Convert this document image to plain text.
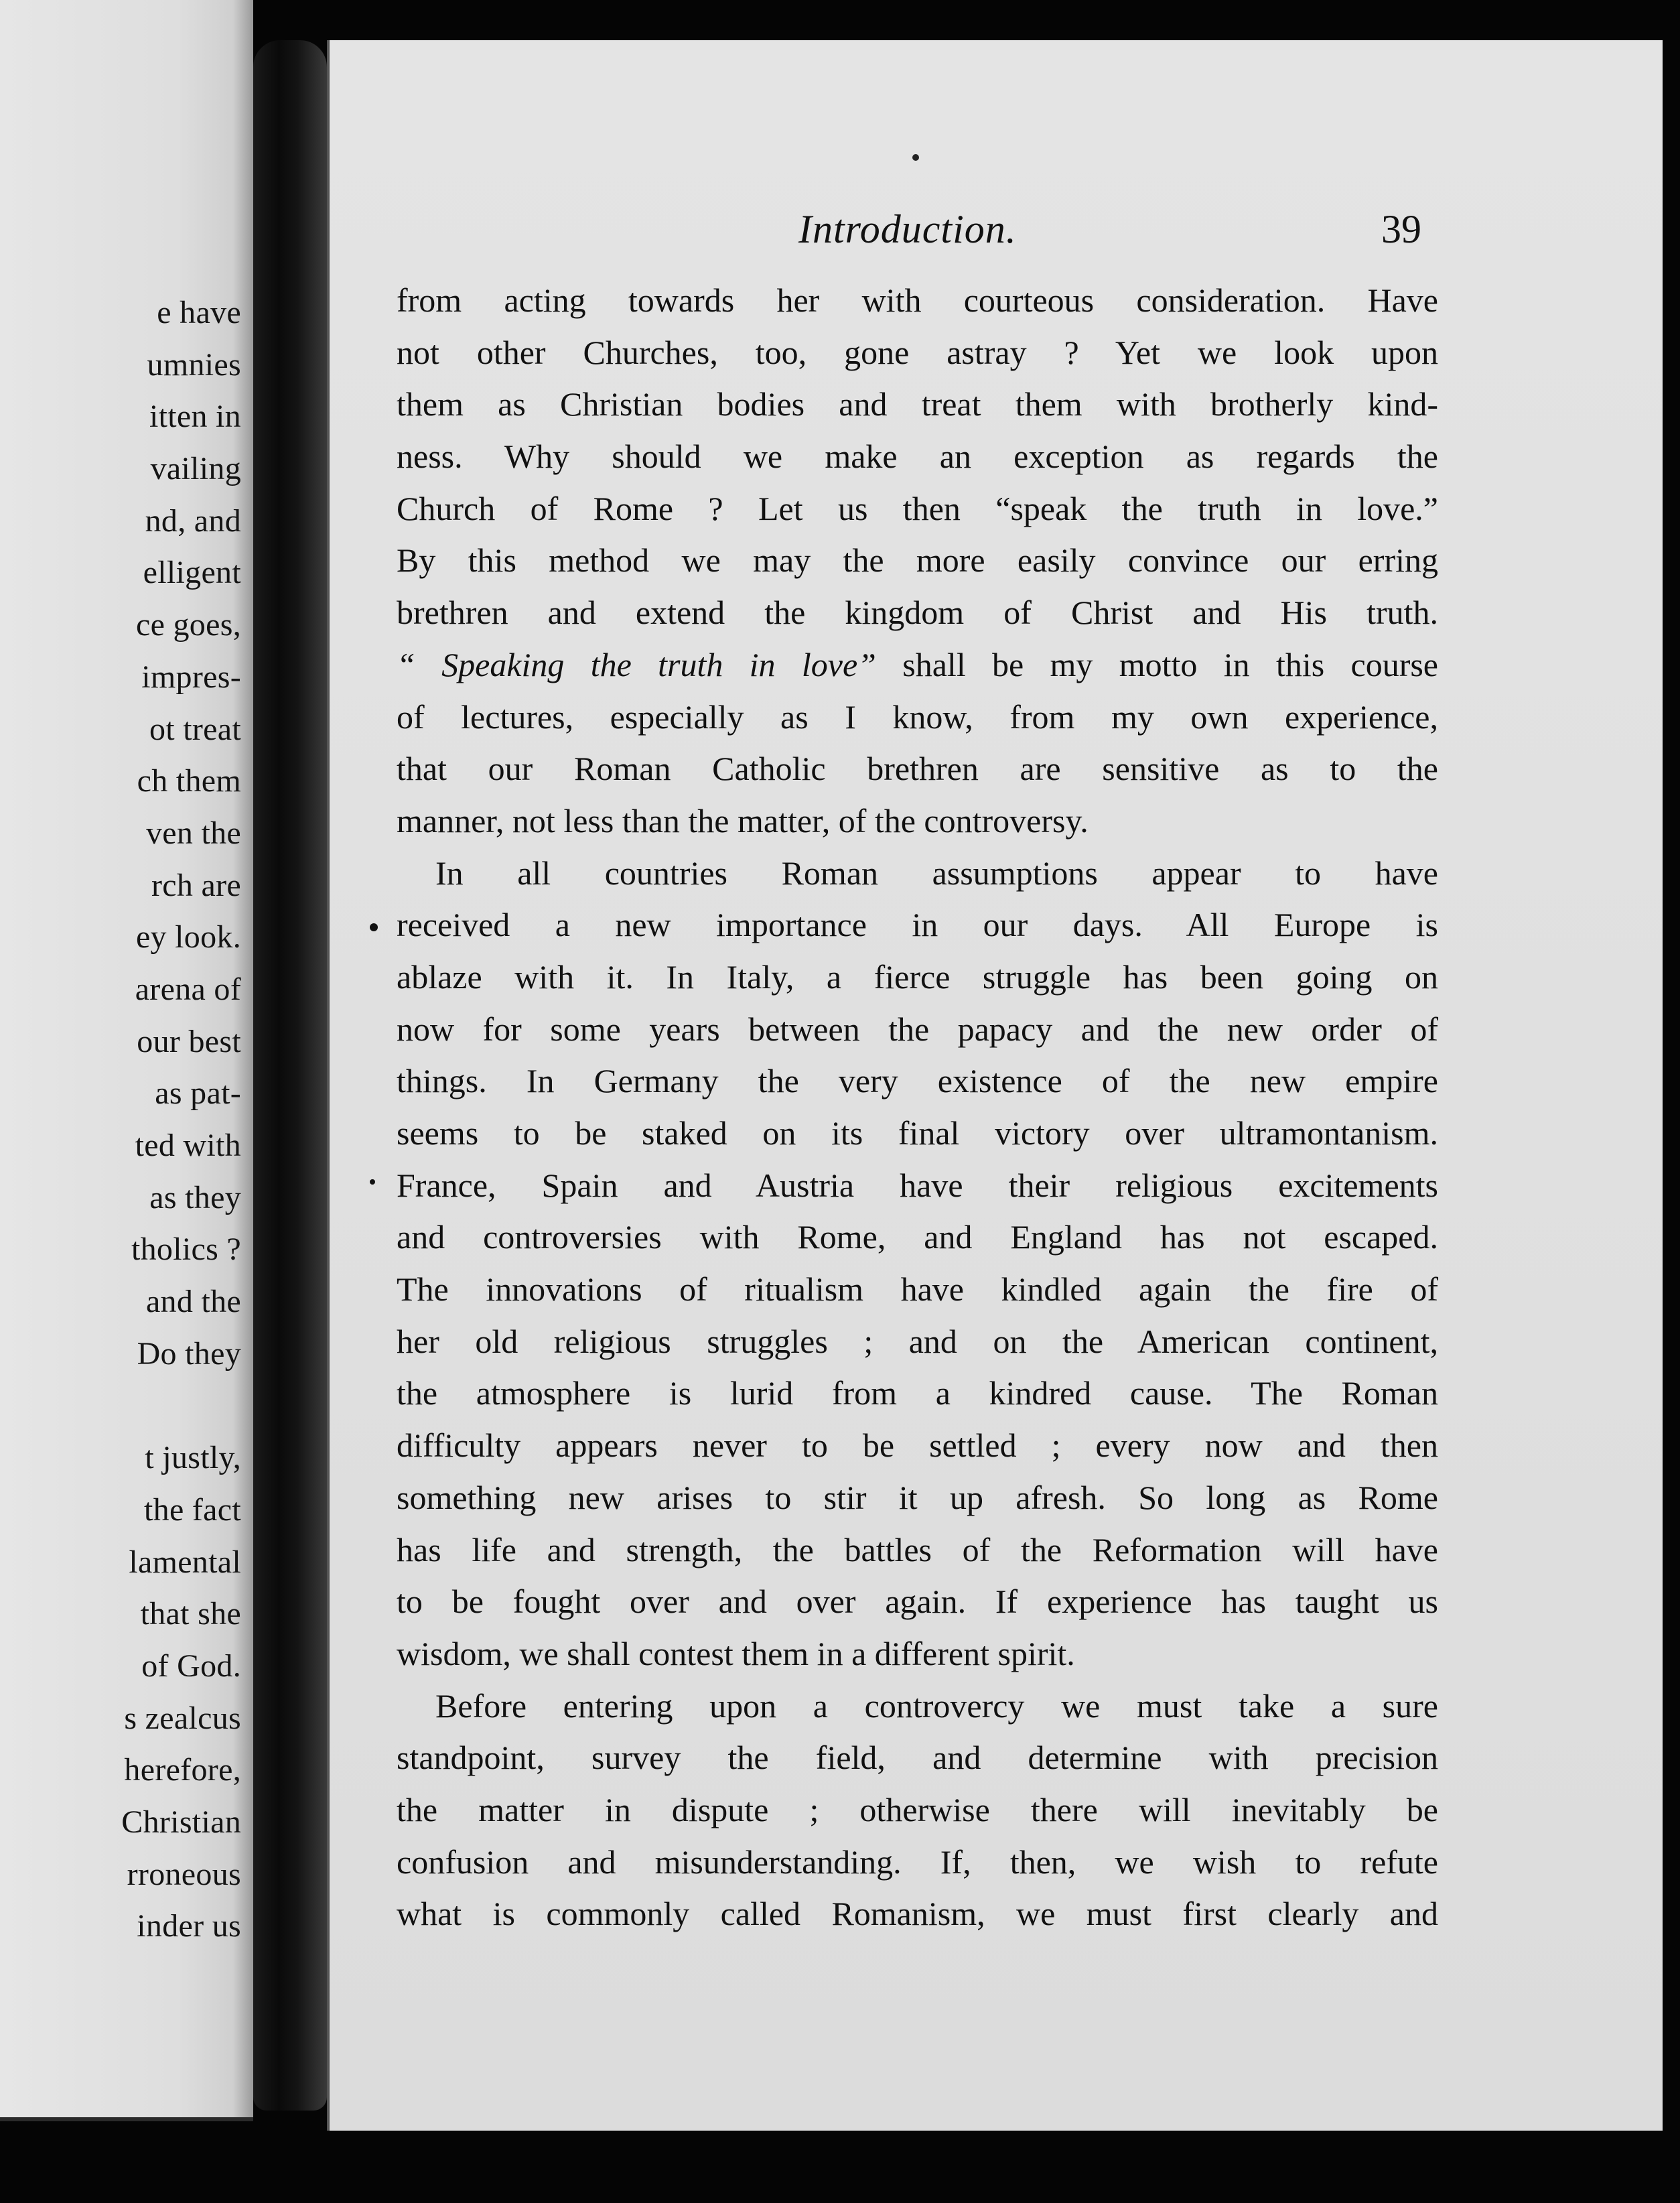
e have
umnies
itten in
vailing
nd, and
elligent
ce goes,
impres-
ot treat
ch them
ven the
rch are
ey look.
arena of
our best
as pat-
ted with
as they
tholics ?
and the
Do they
t justly,
the fact
lamental
that she
of God.
s zealcus
herefore,
Christian
rroneous
inder us
Introduction.	39
from acting towards her with courteous consideration. Have
not other Churches, too, gone astray ? Yet we look upon
them as Christian bodies and treat them with brotherly kind-
ness. Why should we make an exception as regards the
Church of Rome ? Let us then “speak the truth in love.”
By this method we may the more easily convince our erring
brethren and extend the kingdom of Christ and His truth.
“ Speaking the truth in love” shall be my motto in this course
of lectures, especially as I know, from my own experience,
that our Roman Catholic brethren are sensitive as to the
manner, not less than the matter, of the controversy.
In all countries Roman assumptions appear to have
received a new importance in our days. All Europe is
ablaze with it. In Italy, a fierce struggle has been going on
now for some years between the papacy and the new order of
things. In Germany the very existence of the new empire
seems to be staked on its final victory over ultramontanism.
France, Spain and Austria have their religious excitements
and controversies with Rome, and England has not escaped.
The innovations of ritualism have kindled again the fire of
her old religious struggles ; and on the American continent,
the atmosphere is lurid from a kindred cause. The Roman
difficulty appears never to be settled ; every now and then
something new arises to stir it up afresh. So long as Rome
has life and strength, the battles of the Reformation will have
to be fought over and over again. If experience has taught us
wisdom, we shall contest them in a different spirit.
Before entering upon a controvercy we must take a sure
standpoint, survey the field, and determine with precision
the matter in dispute ; otherwise there will inevitably be
confusion and misunderstanding. If, then, we wish to refute
what is commonly called Romanism, we must first clearly and
